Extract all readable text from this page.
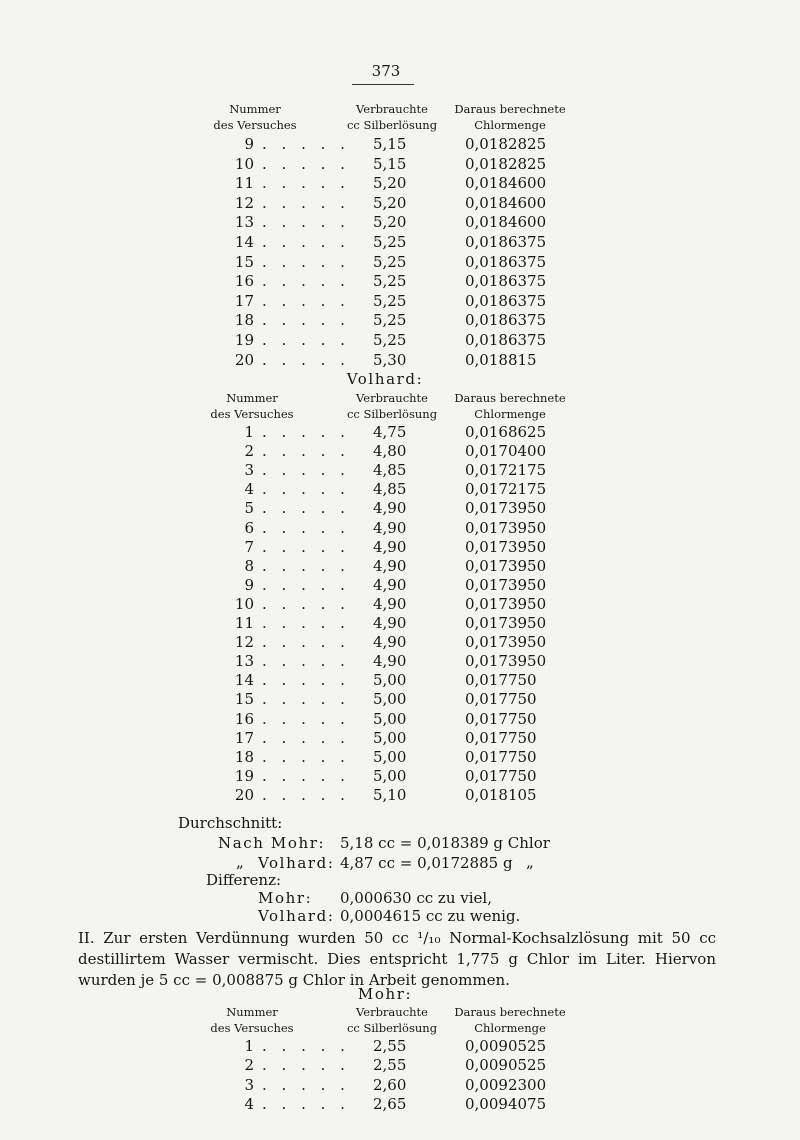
373
Nummer
des Versuches
Verbrauchte
cc Silberlösung
Daraus berechnete
Chlormenge
9 . . . . . 5,15	0,0182825
10 . . . . . 5,15	0,0182825
11 . . . . . 5,20	0,0184600
12 . . . . . 5,20	0,0184600
13 . . . . . 5,20	0,0184600
14 . . . . . 5,25	0,0186375
15 . . . . . 5,25	0,0186375
16 . . . . . 5,25	0,0186375
17 . . . . . 5,25	0,0186375
18 . . . . . 5,25	0,0186375
19 . . . . . 5,25	0,0186375
20 . . . . . 5,30	0,018815
Volhard:
Nummer
des Versuches
Verbrauchte
cc Silberlösung
Daraus berechnete
Chlormenge
1 . . . . . 4,75	0,0168625
2 . . . . . 4,80	0,0170400
3 . . . . . 4,85	0,0172175
4 . . . . . 4,85	0,0172175
5 . . . . . 4,90	0,0173950
6 . . . . . 4,90	0,0173950
7 . . . . . 4,90	0,0173950
8 . . . . . 4,90	0,0173950
9 . . . . . 4,90	0,0173950
10 . . . . . 4,90	0,0173950
11 . . . . . 4,90	0,0173950
12 . . . . . 4,90	0,0173950
13 . . . . . 4,90	0,0173950
14 . . . . . 5,00	0,017750
15 . . . . . 5,00	0,017750
16 . . . . . 5,00	0,017750
17 . . . . . 5,00	0,017750
18 . . . . . 5,00	0,017750
19 . . . . . 5,00	0,017750
20 . . . . . 5,10	0,018105
Durchschnitt:
Nach Mohr: 5,18 cc = 0,018389 g Chlor
„ Volhard: 4,87 cc = 0,0172885 g „
Differenz:
Mohr: 0,000630 cc zu viel,
Volhard: 0,0004615 cc zu wenig.
II. Zur ersten Verdünnung wurden 50 cc ¹/₁₀ Normal-Kochsalzlösung mit 50 cc destillirtem Wasser vermischt. Dies entspricht 1,775 g Chlor im Liter. Hiervon wurden je 5 cc = 0,008875 g Chlor in Arbeit genommen.
Mohr:
Nummer
des Versuches
Verbrauchte
cc Silberlösung
Daraus berechnete
Chlormenge
1 . . . . . 2,55	0,0090525
2 . . . . . 2,55	0,0090525
3 . . . . . 2,60	0,0092300
4 . . . . . 2,65	0,0094075
